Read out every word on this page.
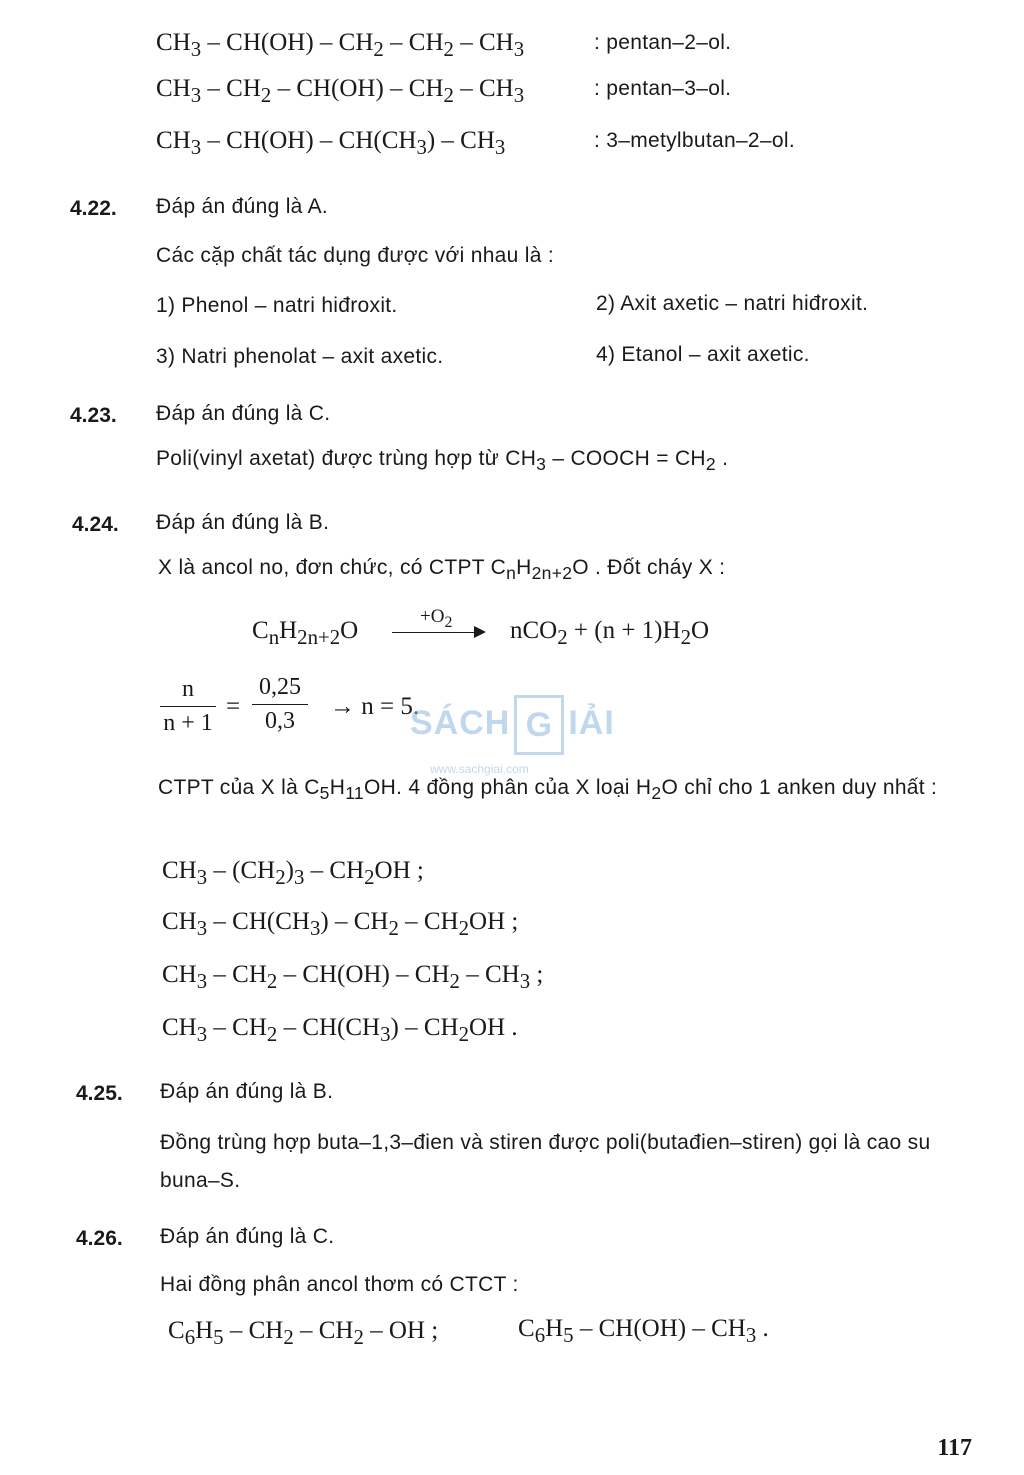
$CH_3 - CH(OH) - CH_2 - CH_2 - CH_3$	: pentan–2–ol.
$CH_3 - CH_2 - CH(OH) - CH_2 - CH_3$	: pentan–3–ol.
$CH_3 - CH(OH) - CH(CH_3) - CH_3$	: 3–metylbutan–2–ol.
4.22. Đáp án đúng là A.
Các cặp chất tác dụng được với nhau là :
1) Phenol – natri hiđroxit.	2) Axit axetic – natri hiđroxit.
3) Natri phenolat – axit axetic.	4) Etanol – axit axetic.
4.23. Đáp án đúng là C.
Poli(vinyl axetat) được trùng hợp từ $CH_3$ – COOCH = $CH_2$ .
4.24. Đáp án đúng là B.
X là ancol no, đơn chức, có CTPT $C_nH_{2n+2}O$ . Đốt cháy X :
$C_nH_{2n+2}O$
$+O_2$ $nCO_2 + (n + 1)H_2O$
n
n + 1
=
0,25
0,3
→ n = 5.
CTPT của X là $C_5H_{11}OH$. 4 đồng phân của X loại $H_2O$ chỉ cho 1 anken duy nhất :
$CH_3 - (CH_2)_3 - CH_2OH$ ;
$CH_3 - CH(CH_3) - CH_2 - CH_2OH$ ;
$CH_3 - CH_2 - CH(OH) - CH_2 - CH_3$ ;
$CH_3 - CH_2 - CH(CH_3) - CH_2OH$ .
4.25. Đáp án đúng là B.
Đồng trùng hợp buta–1,3–đien và stiren được poli(butađien–stiren) gọi là cao su buna–S.
4.26. Đáp án đúng là C.
Hai đồng phân ancol thơm có CTCT :
$C_6H_5 - CH_2 - CH_2$ – OH ;	$C_6H_5 - CH(OH) - CH_3$ .
SÁCH G IẢI
www.sachgiai.com
117
